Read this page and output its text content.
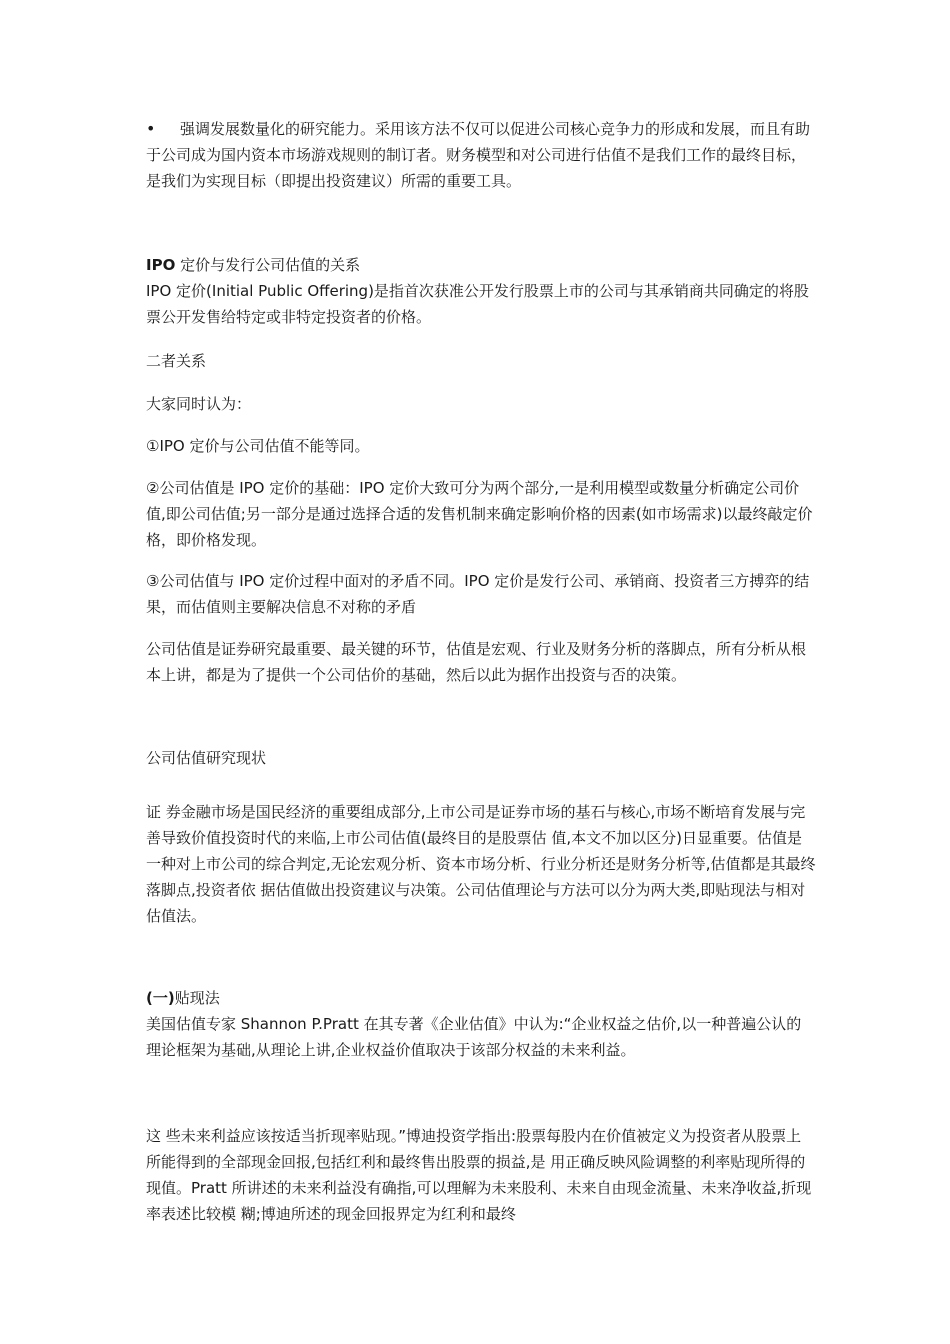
• 强调发展数量化的研究能力。采用该方法不仅可以促进公司核心竞争力的形成和发展，而且有助于公司成为国内资本市场游戏规则的制订者。财务模型和对公司进行估值不是我们工作的最终目标，是我们为实现目标（即提出投资建议）所需的重要工具。

IPO 定价与发行公司估值的关系

IPO 定价(Initial Public Offering)是指首次获准公开发行股票上市的公司与其承销商共同确定的将股票公开发售给特定或非特定投资者的价格。

二者关系

大家同时认为：

①IPO 定价与公司估值不能等同。

②公司估值是 IPO 定价的基础：IPO 定价大致可分为两个部分,一是利用模型或数量分析确定公司价值,即公司估值;另一部分是通过选择合适的发售机制来确定影响价格的因素(如市场需求)以最终敲定价格，即价格发现。

③公司估值与 IPO 定价过程中面对的矛盾不同。IPO 定价是发行公司、承销商、投资者三方搏弈的结果，而估值则主要解决信息不对称的矛盾

公司估值是证券研究最重要、最关键的环节，估值是宏观、行业及财务分析的落脚点，所有分析从根本上讲，都是为了提供一个公司估价的基础，然后以此为据作出投资与否的决策。

公司估值研究现状

证 券金融市场是国民经济的重要组成部分,上市公司是证券市场的基石与核心,市场不断培育发展与完善导致价值投资时代的来临,上市公司估值(最终目的是股票估 值,本文不加以区分)日显重要。估值是一种对上市公司的综合判定,无论宏观分析、资本市场分析、行业分析还是财务分析等,估值都是其最终落脚点,投资者依 据估值做出投资建议与决策。公司估值理论与方法可以分为两大类,即贴现法与相对估值法。

(一)贴现法

美国估值专家 Shannon P.Pratt 在其专著《企业估值》中认为:“企业权益之估价,以一种普遍公认的理论框架为基础,从理论上讲,企业权益价值取决于该部分权益的未来利益。

这 些未来利益应该按适当折现率贴现。”博迪投资学指出:股票每股内在价值被定义为投资者从股票上所能得到的全部现金回报,包括红利和最终售出股票的损益,是 用正确反映风险调整的利率贴现所得的现值。Pratt 所讲述的未来利益没有确指,可以理解为未来股利、未来自由现金流量、未来净收益,折现率表述比较模 糊;博迪所述的现金回报界定为红利和最终
